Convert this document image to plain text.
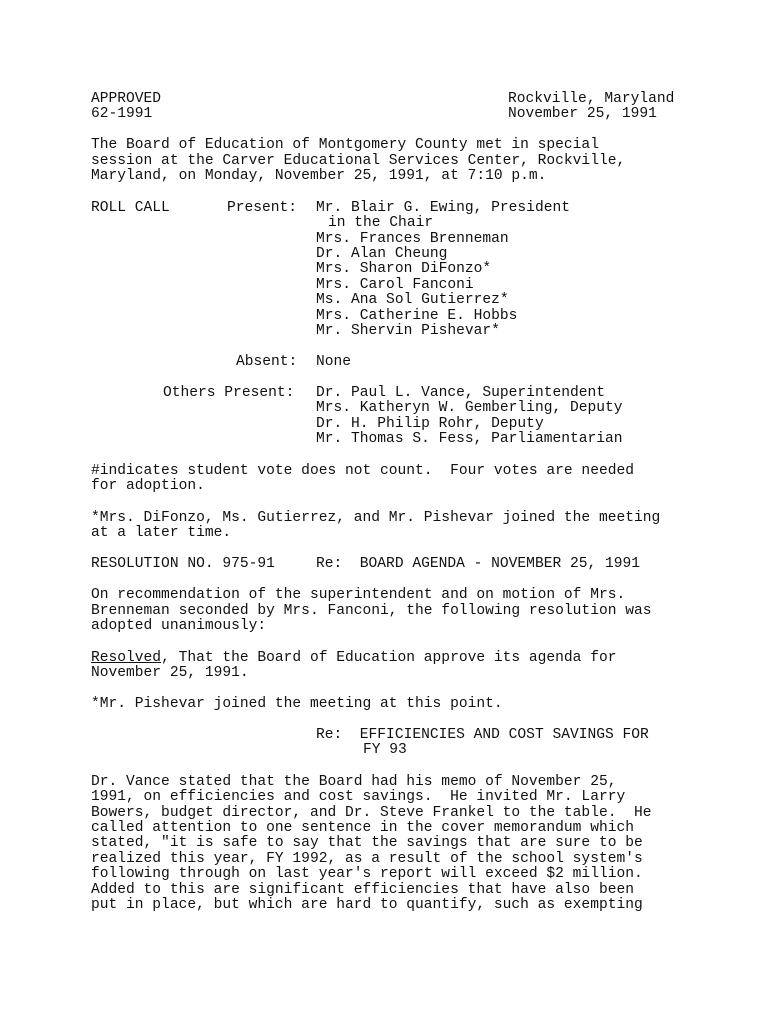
APPROVED
62-1991
Rockville, Maryland
November 25, 1991
The Board of Education of Montgomery County met in special
session at the Carver Educational Services Center, Rockville,
Maryland, on Monday, November 25, 1991, at 7:10 p.m.
ROLL CALL	Present: Mr. Blair G. Ewing, President
in the Chair
Mrs. Frances Brenneman
Dr. Alan Cheung
Mrs. Sharon DiFonzo*
Mrs. Carol Fanconi
Ms. Ana Sol Gutierrez*
Mrs. Catherine E. Hobbs
Mr. Shervin Pishevar*
Absent: None
Others Present: Dr. Paul L. Vance, Superintendent
Mrs. Katheryn W. Gemberling, Deputy
Dr. H. Philip Rohr, Deputy
Mr. Thomas S. Fess, Parliamentarian
#indicates student vote does not count.  Four votes are needed
for adoption.
*Mrs. DiFonzo, Ms. Gutierrez, and Mr. Pishevar joined the meeting
at a later time.
RESOLUTION NO. 975-91	Re:  BOARD AGENDA - NOVEMBER 25, 1991
On recommendation of the superintendent and on motion of Mrs.
Brenneman seconded by Mrs. Fanconi, the following resolution was
adopted unanimously:
Resolved, That the Board of Education approve its agenda for
November 25, 1991.
*Mr. Pishevar joined the meeting at this point.
Re:  EFFICIENCIES AND COST SAVINGS FOR
FY 93
Dr. Vance stated that the Board had his memo of November 25,
1991, on efficiencies and cost savings.  He invited Mr. Larry
Bowers, budget director, and Dr. Steve Frankel to the table.  He
called attention to one sentence in the cover memorandum which
stated, "it is safe to say that the savings that are sure to be
realized this year, FY 1992, as a result of the school system's
following through on last year's report will exceed $2 million.
Added to this are significant efficiencies that have also been
put in place, but which are hard to quantify, such as exempting
